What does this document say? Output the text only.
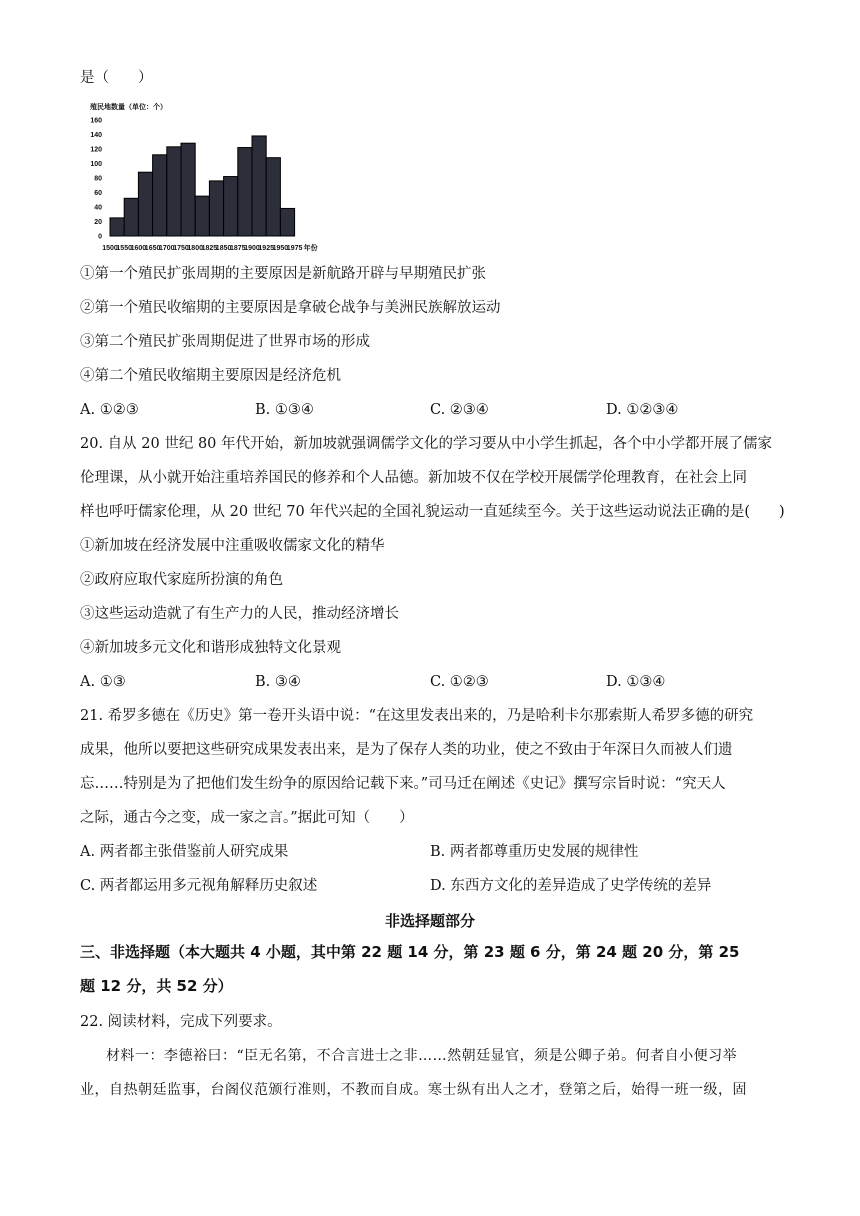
是（　　）
殖民地数量（单位：个）
0
20
40
60
80
100
120
140
160
1500
1550
1600
1650
1700
1750
1800
1825
1850
1875
1900
1925
1950
1975 年份
①第一个殖民扩张周期的主要原因是新航路开辟与早期殖民扩张
②第一个殖民收缩期的主要原因是拿破仑战争与美洲民族解放运动
③第二个殖民扩张周期促进了世界市场的形成
④第二个殖民收缩期主要原因是经济危机
A. ①②③	B. ①③④	C. ②③④	D. ①②③④
20. 自从 20 世纪 80 年代开始，新加坡就强调儒学文化的学习要从中小学生抓起，各个中小学都开展了儒家
伦理课，从小就开始注重培养国民的修养和个人品德。新加坡不仅在学校开展儒学伦理教育，在社会上同
样也呼吁儒家伦理，从 20 世纪 70 年代兴起的全国礼貌运动一直延续至今。关于这些运动说法正确的是(　　)
①新加坡在经济发展中注重吸收儒家文化的精华
②政府应取代家庭所扮演的角色
③这些运动造就了有生产力的人民，推动经济增长
④新加坡多元文化和谐形成独特文化景观
A. ①③	B. ③④	C. ①②③	D. ①③④
21. 希罗多德在《历史》第一卷开头语中说：“在这里发表出来的，乃是哈利卡尔那索斯人希罗多德的研究
成果，他所以要把这些研究成果发表出来，是为了保存人类的功业，使之不致由于年深日久而被人们遗
忘……特别是为了把他们发生纷争的原因给记载下来。”司马迁在阐述《史记》撰写宗旨时说：“究天人
之际，通古今之变，成一家之言。”据此可知（　　）
A. 两者都主张借鉴前人研究成果	B. 两者都尊重历史发展的规律性
C. 两者都运用多元视角解释历史叙述	D. 东西方文化的差异造成了史学传统的差异
非选择题部分
三、非选择题（本大题共 4 小题，其中第 22 题 14 分，第 23 题 6 分，第 24 题 20 分，第 25
题 12 分，共 52 分）
22. 阅读材料，完成下列要求。
材料一：李德裕曰：“臣无名第，不合言进士之非……然朝廷显官，须是公卿子弟。何者自小便习举
业，自热朝廷监事，台阁仪范颁行准则，不教而自成。寒士纵有出人之才，登第之后，始得一班一级，固
